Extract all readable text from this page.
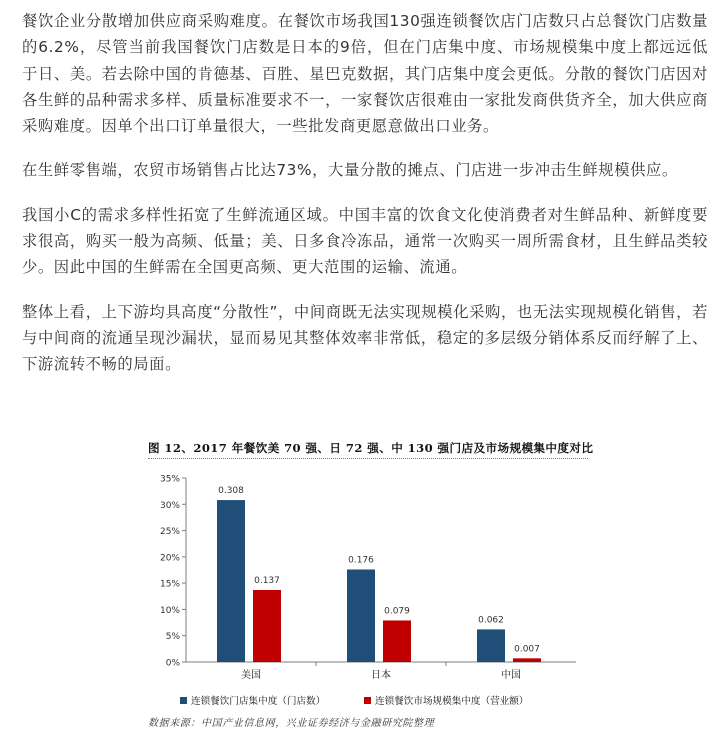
餐饮企业分散增加供应商采购难度。在餐饮市场我国130强连锁餐饮店门店数只占总餐饮门店数量的6.2%，尽管当前我国餐饮门店数是日本的9倍，但在门店集中度、市场规模集中度上都远远低于日、美。若去除中国的肯德基、百胜、星巴克数据，其门店集中度会更低。分散的餐饮门店因对各生鲜的品种需求多样、质量标准要求不一，一家餐饮店很难由一家批发商供货齐全，加大供应商采购难度。因单个出口订单量很大，一些批发商更愿意做出口业务。

在生鲜零售端，农贸市场销售占比达73%，大量分散的摊点、门店进一步冲击生鲜规模供应。

我国小C的需求多样性拓宽了生鲜流通区域。中国丰富的饮食文化使消费者对生鲜品种、新鲜度要求很高，购买一般为高频、低量；美、日多食冷冻品，通常一次购买一周所需食材，且生鲜品类较少。因此中国的生鲜需在全国更高频、更大范围的运输、流通。

整体上看，上下游均具高度“分散性”，中间商既无法实现规模化采购，也无法实现规模化销售，若与中间商的流通呈现沙漏状，显而易见其整体效率非常低，稳定的多层级分销体系反而纾解了上、下游流转不畅的局面。

图 12、2017 年餐饮美 70 强、日 72 强、中 130 强门店及市场规模集中度对比
0%
5%
10%
15%
20%
25%
30%
35%
0.308
0.137
美国
0.176
0.079
日本
0.062
0.007
中国
连锁餐饮门店集中度（门店数）	连锁餐饮市场规模集中度（营业额）
数据来源：中国产业信息网，兴业证券经济与金融研究院整理
